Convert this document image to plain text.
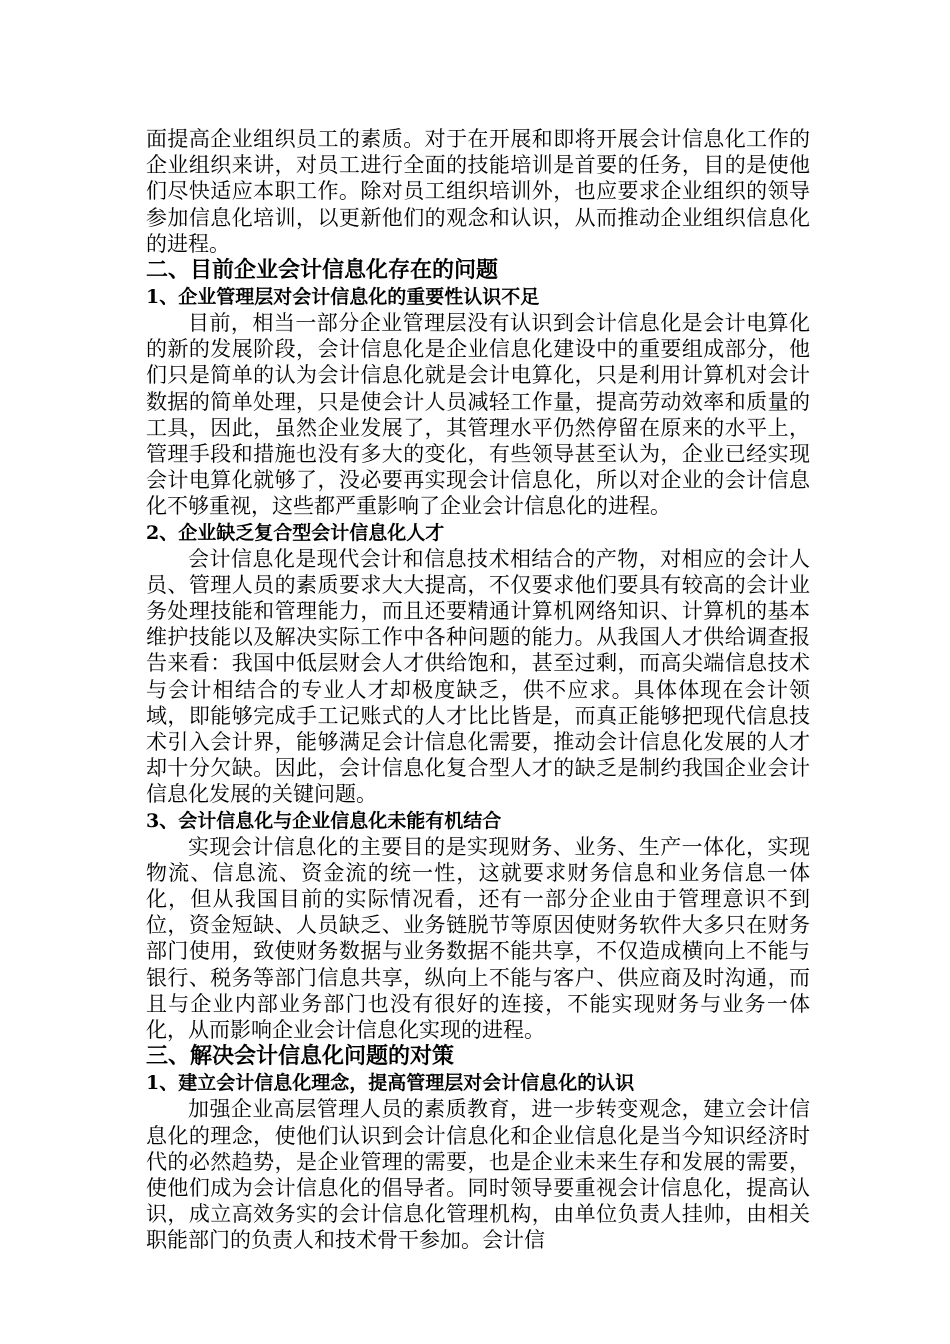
面提高企业组织员工的素质。对于在开展和即将开展会计信息化工作的企业组织来讲，对员工进行全面的技能培训是首要的任务，目的是使他们尽快适应本职工作。除对员工组织培训外，也应要求企业组织的领导参加信息化培训，以更新他们的观念和认识，从而推动企业组织信息化的进程。

二、目前企业会计信息化存在的问题
1、企业管理层对会计信息化的重要性认识不足

目前，相当一部分企业管理层没有认识到会计信息化是会计电算化的新的发展阶段，会计信息化是企业信息化建设中的重要组成部分，他们只是简单的认为会计信息化就是会计电算化，只是利用计算机对会计数据的简单处理，只是使会计人员减轻工作量，提高劳动效率和质量的工具，因此，虽然企业发展了，其管理水平仍然停留在原来的水平上，管理手段和措施也没有多大的变化，有些领导甚至认为，企业已经实现会计电算化就够了，没必要再实现会计信息化，所以对企业的会计信息化不够重视，这些都严重影响了企业会计信息化的进程。

2、企业缺乏复合型会计信息化人才

会计信息化是现代会计和信息技术相结合的产物，对相应的会计人员、管理人员的素质要求大大提高，不仅要求他们要具有较高的会计业务处理技能和管理能力，而且还要精通计算机网络知识、计算机的基本维护技能以及解决实际工作中各种问题的能力。从我国人才供给调查报告来看：我国中低层财会人才供给饱和，甚至过剩，而高尖端信息技术与会计相结合的专业人才却极度缺乏，供不应求。具体体现在会计领域，即能够完成手工记账式的人才比比皆是，而真正能够把现代信息技术引入会计界，能够满足会计信息化需要，推动会计信息化发展的人才却十分欠缺。因此，会计信息化复合型人才的缺乏是制约我国企业会计信息化发展的关键问题。

3、会计信息化与企业信息化未能有机结合

实现会计信息化的主要目的是实现财务、业务、生产一体化，实现物流、信息流、资金流的统一性，这就要求财务信息和业务信息一体化，但从我国目前的实际情况看，还有一部分企业由于管理意识不到位，资金短缺、人员缺乏、业务链脱节等原因使财务软件大多只在财务部门使用，致使财务数据与业务数据不能共享，不仅造成横向上不能与银行、税务等部门信息共享，纵向上不能与客户、供应商及时沟通，而且与企业内部业务部门也没有很好的连接，不能实现财务与业务一体化，从而影响企业会计信息化实现的进程。

三、解决会计信息化问题的对策
1、建立会计信息化理念，提高管理层对会计信息化的认识

加强企业高层管理人员的素质教育，进一步转变观念，建立会计信息化的理念，使他们认识到会计信息化和企业信息化是当今知识经济时代的必然趋势，是企业管理的需要，也是企业未来生存和发展的需要，使他们成为会计信息化的倡导者。同时领导要重视会计信息化，提高认识，成立高效务实的会计信息化管理机构，由单位负责人挂帅，由相关职能部门的负责人和技术骨干参加。会计信
